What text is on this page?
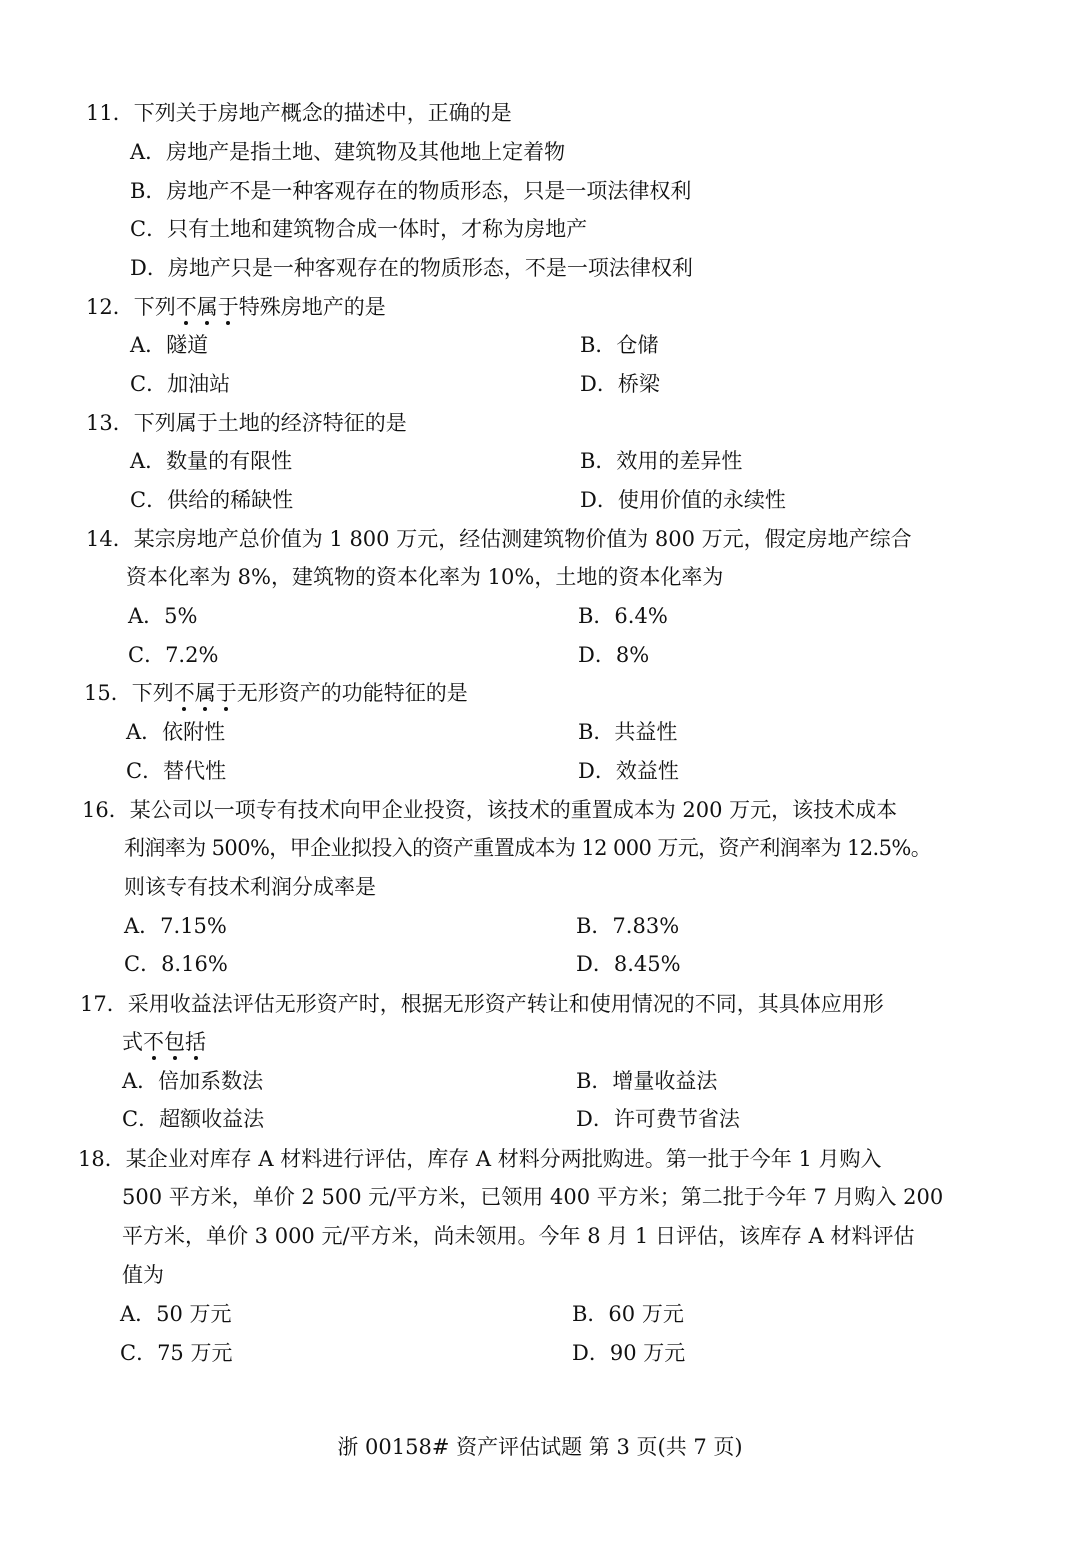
11．下列关于房地产概念的描述中，正确的是
A．房地产是指土地、建筑物及其他地上定着物
B．房地产不是一种客观存在的物质形态，只是一项法律权利
C．只有土地和建筑物合成一体时，才称为房地产
D．房地产只是一种客观存在的物质形态，不是一项法律权利
12．下列不属于特殊房地产的是
A．隧道	B．仓储
C．加油站	D．桥梁
13．下列属于土地的经济特征的是
A．数量的有限性	B．效用的差异性
C．供给的稀缺性	D．使用价值的永续性
14．某宗房地产总价值为 1 800 万元，经估测建筑物价值为 800 万元，假定房地产综合
资本化率为 8%，建筑物的资本化率为 10%，土地的资本化率为
A．5%	B．6.4%
C．7.2%	D．8%
15．下列不属于无形资产的功能特征的是
A．依附性	B．共益性
C．替代性	D．效益性
16．某公司以一项专有技术向甲企业投资，该技术的重置成本为 200 万元，该技术成本
利润率为 500%，甲企业拟投入的资产重置成本为 12 000 万元，资产利润率为 12.5%。
则该专有技术利润分成率是
A．7.15%	B．7.83%
C．8.16%	D．8.45%
17．采用收益法评估无形资产时，根据无形资产转让和使用情况的不同，其具体应用形
式不包括
A．倍加系数法	B．增量收益法
C．超额收益法	D．许可费节省法
18．某企业对库存 A 材料进行评估，库存 A 材料分两批购进。第一批于今年 1 月购入
500 平方米，单价 2 500 元/平方米，已领用 400 平方米；第二批于今年 7 月购入 200
平方米，单价 3 000 元/平方米，尚未领用。今年 8 月 1 日评估，该库存 A 材料评估
值为
A．50 万元	B．60 万元
C．75 万元	D．90 万元
浙 00158# 资产评估试题 第 3 页(共 7 页)
